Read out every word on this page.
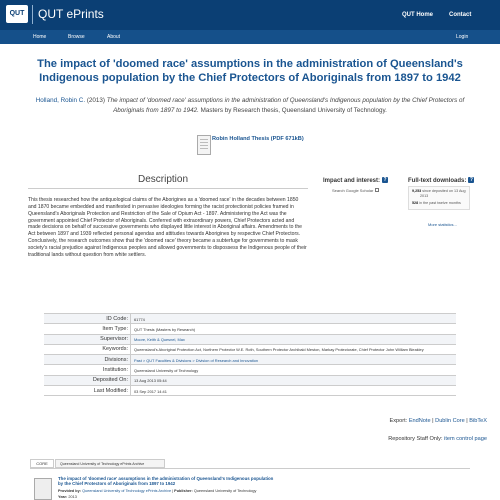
QUT	QUT ePrints	QUT Home	Contact
Home	Browse	About	Login
The impact of 'doomed race' assumptions in the administration of Queensland's Indigenous population by the Chief Protectors of Aboriginals from 1897 to 1942
Holland, Robin C. (2013) The impact of 'doomed race' assumptions in the administration of Queensland's Indigenous population by the Chief Protectors of Aboriginals from 1897 to 1942. Masters by Research thesis, Queensland University of Technology.
Robin Holland Thesis (PDF 671kB)
Description
This thesis researched how the antiquological claims of the Aborigines as a 'doomed race' in the decades between 1850 and 1870 became embedded and manifested in pervasive ideologies forming the racist protectionist policies framed in Queensland's Aboriginals Protection and Restriction of the Sale of Opium Act - 1897. Administering the Act was the government appointed Chief Protector of Aboriginals. Conferred with extraordinary powers, Chief Protectors acted and made decisions on behalf of successive governments who displayed little interest in Aboriginal affairs. Amendments to the Act between 1897 and 1939 reflected personal agendas and attitudes towards Aborigines by respective Chief Protectors. Conclusively, the research outcomes show that the 'doomed race' theory became a subterfuge for governments to mask society's racial prejudice against Indigenous peoples and allowed governments to dispossess the Indigenous people of their traditional lands without question from white settlers.
Impact and interest: ?
Search Google Scholar
Full-text downloads: ?
9,253 since deposited on 13 Aug
2013
528 in the past twelve months
More statistics...
ID Code: 61774
Item Type: QUT Thesis (Masters by Research)
Supervisor: Moore, Keith & Quesnel, Max
Keywords: Queensland's Aboriginal Protection Act, Northern Protector W.E. Roth, Southern Protector Archibald Meston, Markay Protectorate, Chief Protector John William Bleakley
Divisions: Past > QUT Faculties & Divisions > Division of Research and Innovation
Institution: Queensland University of Technology
Deposited On: 13 Aug 2013 05:44
Last Modified: 03 Sep 2017 14:41
Export: EndNote | Dublin Core | BibTeX
Repository Staff Only: item control page
CORE	Queensland University of Technology ePrints Archive
The impact of 'doomed race' assumptions in the administration of Queensland's Indigenous population by the Chief Protectors of Aboriginals from 1897 to 1942
Provided by: Queensland University of Technology ePrints Archive | Publisher: Queensland University of Technology
Year: 2013
